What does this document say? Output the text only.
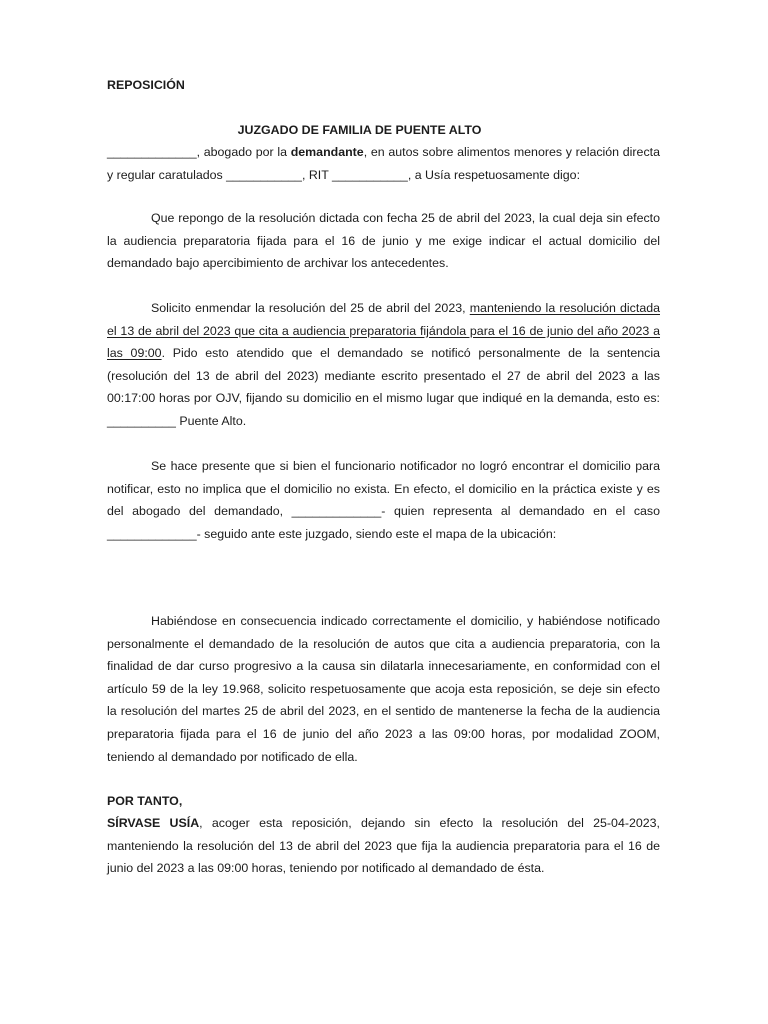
REPOSICIÓN

JUZGADO DE FAMILIA DE PUENTE ALTO

_____________, abogado por la demandante, en autos sobre alimentos menores y relación directa y regular caratulados ___________, RIT ___________, a Usía respetuosamente digo:

Que repongo de la resolución dictada con fecha 25 de abril del 2023, la cual deja sin efecto la audiencia preparatoria fijada para el 16 de junio y me exige indicar el actual domicilio del demandado bajo apercibimiento de archivar los antecedentes.

Solicito enmendar la resolución del 25 de abril del 2023, manteniendo la resolución dictada el 13 de abril del 2023 que cita a audiencia preparatoria fijándola para el 16 de junio del año 2023 a las 09:00. Pido esto atendido que el demandado se notificó personalmente de la sentencia (resolución del 13 de abril del 2023) mediante escrito presentado el 27 de abril del 2023 a las 00:17:00 horas por OJV, fijando su domicilio en el mismo lugar que indiqué en la demanda, esto es: __________ Puente Alto.

Se hace presente que si bien el funcionario notificador no logró encontrar el domicilio para notificar, esto no implica que el domicilio no exista. En efecto, el domicilio en la práctica existe y es del abogado del demandado, _____________- quien representa al demandado en el caso _____________- seguido ante este juzgado, siendo este el mapa de la ubicación:

Habiéndose en consecuencia indicado correctamente el domicilio, y habiéndose notificado personalmente el demandado de la resolución de autos que cita a audiencia preparatoria, con la finalidad de dar curso progresivo a la causa sin dilatarla innecesariamente, en conformidad con el artículo 59 de la ley 19.968, solicito respetuosamente que acoja esta reposición, se deje sin efecto la resolución del martes 25 de abril del 2023, en el sentido de mantenerse la fecha de la audiencia preparatoria fijada para el 16 de junio del año 2023 a las 09:00 horas, por modalidad ZOOM, teniendo al demandado por notificado de ella.

POR TANTO,

SÍRVASE USÍA, acoger esta reposición, dejando sin efecto la resolución del 25-04-2023, manteniendo la resolución del 13 de abril del 2023 que fija la audiencia preparatoria para el 16 de junio del 2023 a las 09:00 horas, teniendo por notificado al demandado de ésta.
